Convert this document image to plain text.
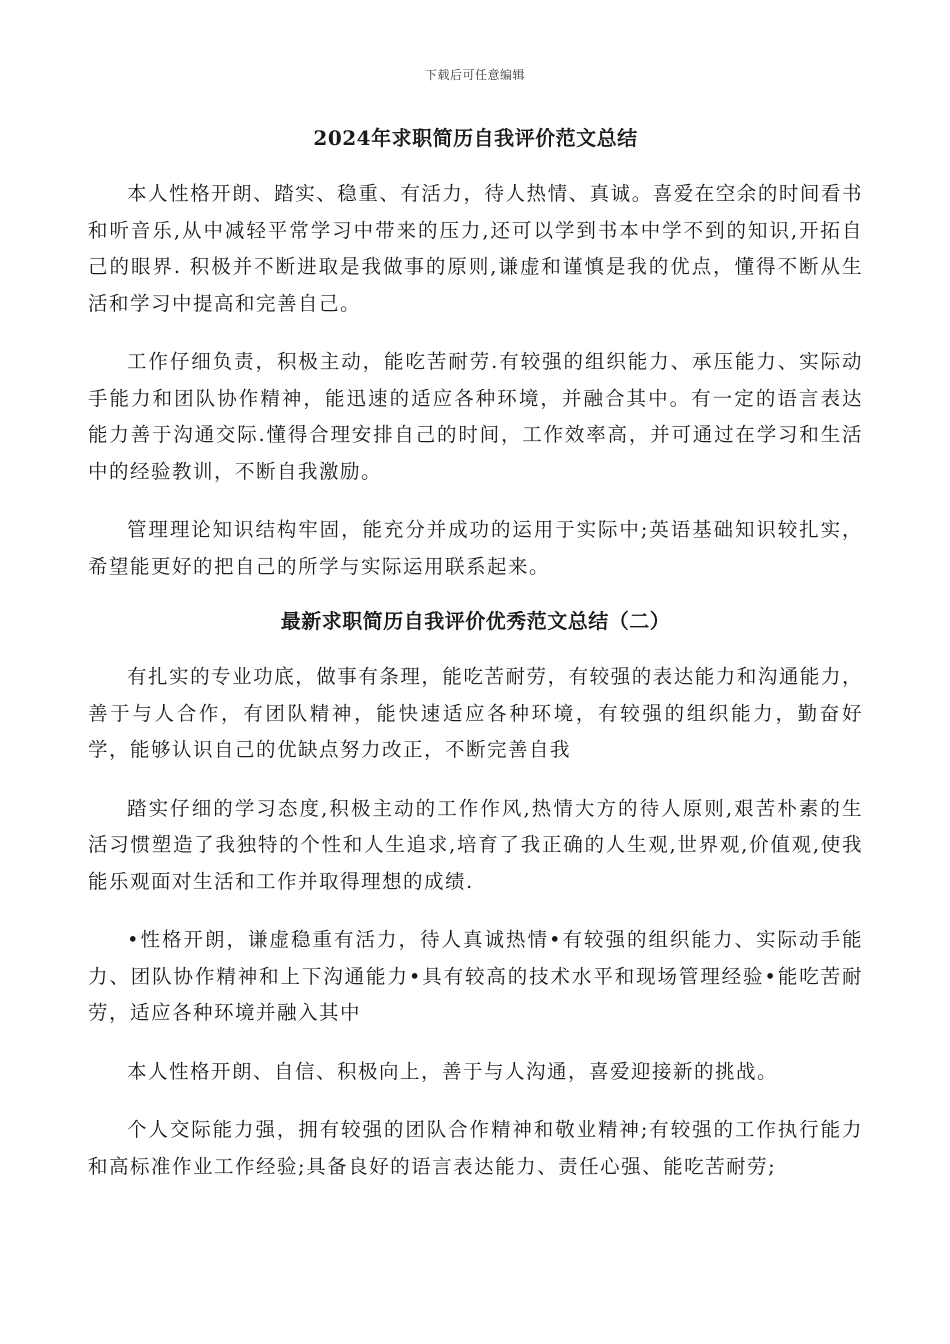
下载后可任意编辑
2024年求职简历自我评价范文总结

本人性格开朗、踏实、稳重、有活力，待人热情、真诚。喜爱在空余的时间看书和听音乐,从中减轻平常学习中带来的压力,还可以学到书本中学不到的知识,开拓自己的眼界. 积极并不断进取是我做事的原则,谦虚和谨慎是我的优点，懂得不断从生活和学习中提高和完善自己。

工作仔细负责，积极主动，能吃苦耐劳.有较强的组织能力、承压能力、实际动手能力和团队协作精神，能迅速的适应各种环境，并融合其中。有一定的语言表达能力善于沟通交际.懂得合理安排自己的时间，工作效率高，并可通过在学习和生活中的经验教训，不断自我激励。

管理理论知识结构牢固，能充分并成功的运用于实际中;英语基础知识较扎实，希望能更好的把自己的所学与实际运用联系起来。

最新求职简历自我评价优秀范文总结（二）

有扎实的专业功底，做事有条理，能吃苦耐劳，有较强的表达能力和沟通能力，善于与人合作，有团队精神，能快速适应各种环境，有较强的组织能力，勤奋好学，能够认识自己的优缺点努力改正，不断完善自我

踏实仔细的学习态度,积极主动的工作作风,热情大方的待人原则,艰苦朴素的生活习惯塑造了我独特的个性和人生追求,培育了我正确的人生观,世界观,价值观,使我能乐观面对生活和工作并取得理想的成绩.

•性格开朗，谦虚稳重有活力，待人真诚热情•有较强的组织能力、实际动手能力、团队协作精神和上下沟通能力•具有较高的技术水平和现场管理经验•能吃苦耐劳，适应各种环境并融入其中

本人性格开朗、自信、积极向上，善于与人沟通，喜爱迎接新的挑战。

个人交际能力强，拥有较强的团队合作精神和敬业精神;有较强的工作执行能力和高标准作业工作经验;具备良好的语言表达能力、责任心强、能吃苦耐劳;
